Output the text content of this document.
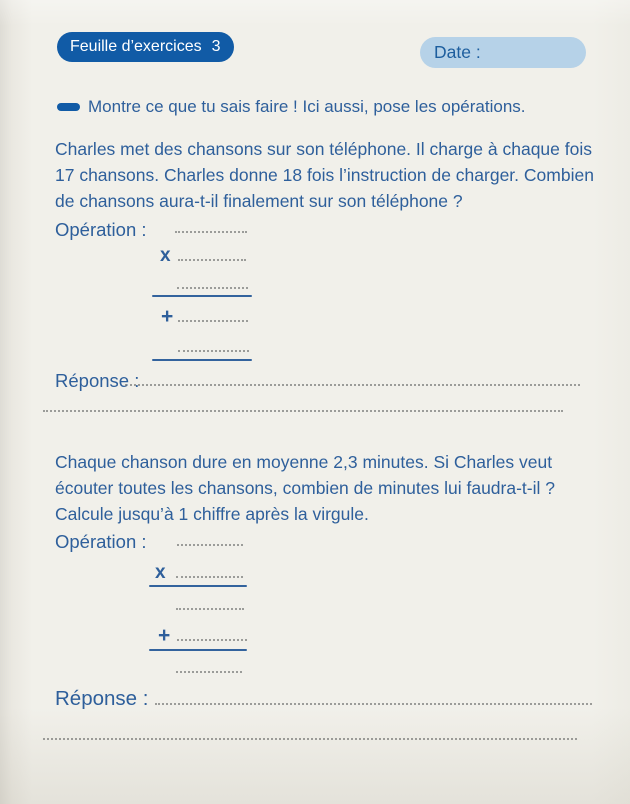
Feuille d’exercices 3	Date :
Montre ce que tu sais faire ! Ici aussi, pose les opérations.
Charles met des chansons sur son téléphone. Il charge à chaque fois
17 chansons. Charles donne 18 fois l’instruction de charger. Combien
de chansons aura-t-il finalement sur son téléphone ?
Opération :
x
+
Réponse :
Chaque chanson dure en moyenne 2,3 minutes. Si Charles veut
écouter toutes les chansons, combien de minutes lui faudra-t-il ?
Calcule jusqu’à 1 chiffre après la virgule.
Opération :
x
+
Réponse :
